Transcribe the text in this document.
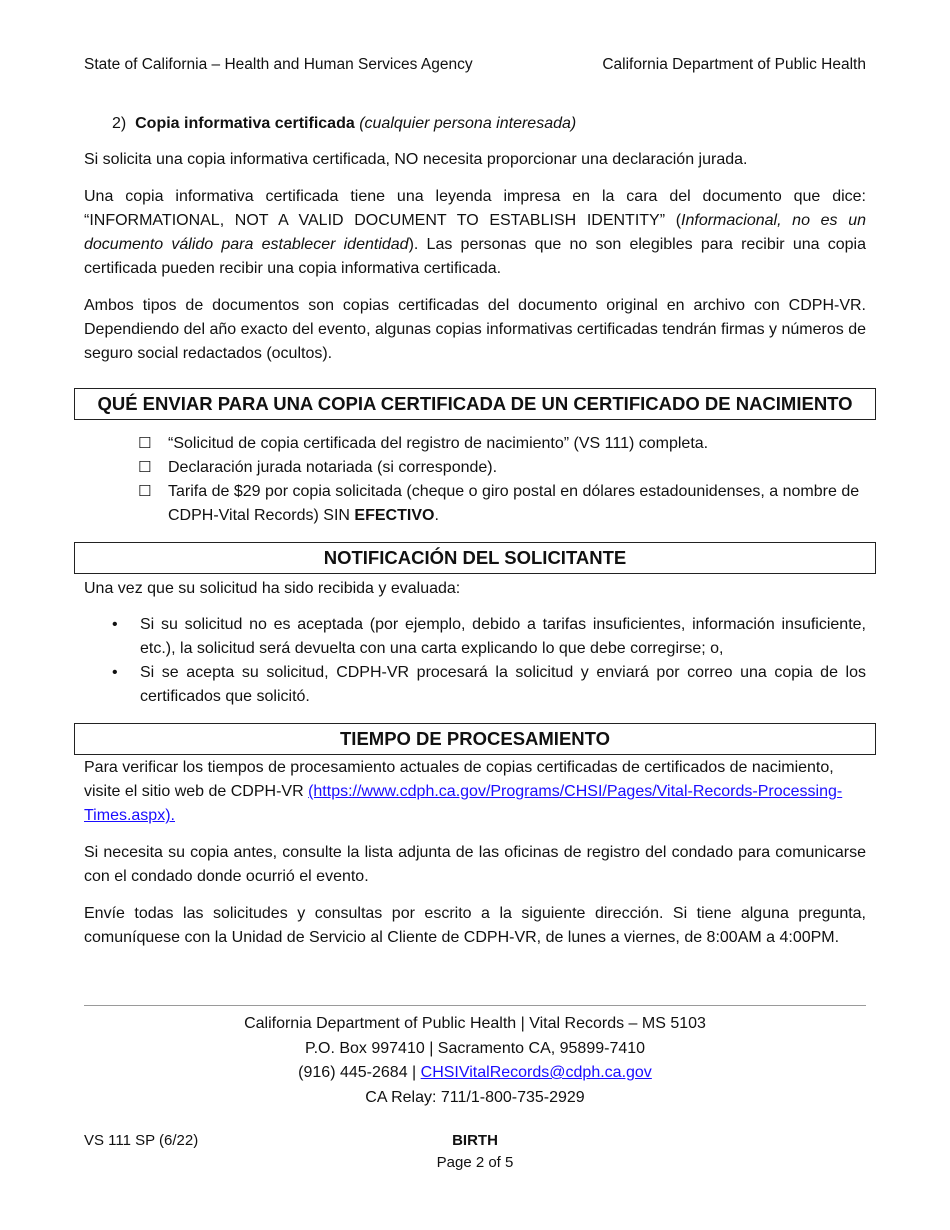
State of California – Health and Human Services Agency	California Department of Public Health
2) Copia informativa certificada (cualquier persona interesada)

Si solicita una copia informativa certificada, NO necesita proporcionar una declaración jurada.

Una copia informativa certificada tiene una leyenda impresa en la cara del documento que dice: “INFORMATIONAL, NOT A VALID DOCUMENT TO ESTABLISH IDENTITY” (Informacional, no es un documento válido para establecer identidad). Las personas que no son elegibles para recibir una copia certificada pueden recibir una copia informativa certificada.

Ambos tipos de documentos son copias certificadas del documento original en archivo con CDPH-VR. Dependiendo del año exacto del evento, algunas copias informativas certificadas tendrán firmas y números de seguro social redactados (ocultos).

QUÉ ENVIAR PARA UNA COPIA CERTIFICADA DE UN CERTIFICADO DE NACIMIENTO
☐ “Solicitud de copia certificada del registro de nacimiento” (VS 111) completa.
☐ Declaración jurada notariada (si corresponde).
☐ Tarifa de $29 por copia solicitada (cheque o giro postal en dólares estadounidenses, a nombre de CDPH-Vital Records) SIN EFECTIVO.
NOTIFICACIÓN DEL SOLICITANTE

Una vez que su solicitud ha sido recibida y evaluada:

• Si su solicitud no es aceptada (por ejemplo, debido a tarifas insuficientes, información insuficiente, etc.), la solicitud será devuelta con una carta explicando lo que debe corregirse; o,
• Si se acepta su solicitud, CDPH-VR procesará la solicitud y enviará por correo una copia de los certificados que solicitó.
TIEMPO DE PROCESAMIENTO

Para verificar los tiempos de procesamiento actuales de copias certificadas de certificados de nacimiento, visite el sitio web de CDPH-VR (https://www.cdph.ca.gov/Programs/CHSI/Pages/Vital-Records-Processing-Times.aspx).

Si necesita su copia antes, consulte la lista adjunta de las oficinas de registro del condado para comunicarse con el condado donde ocurrió el evento.

Envíe todas las solicitudes y consultas por escrito a la siguiente dirección. Si tiene alguna pregunta, comuníquese con la Unidad de Servicio al Cliente de CDPH-VR, de lunes a viernes, de 8:00AM a 4:00PM.

California Department of Public Health | Vital Records – MS 5103
P.O. Box 997410 | Sacramento CA, 95899-7410
(916) 445-2684 | CHSIVitalRecords@cdph.ca.gov
CA Relay: 711/1-800-735-2929
VS 111 SP (6/22)	BIRTH
Page 2 of 5
